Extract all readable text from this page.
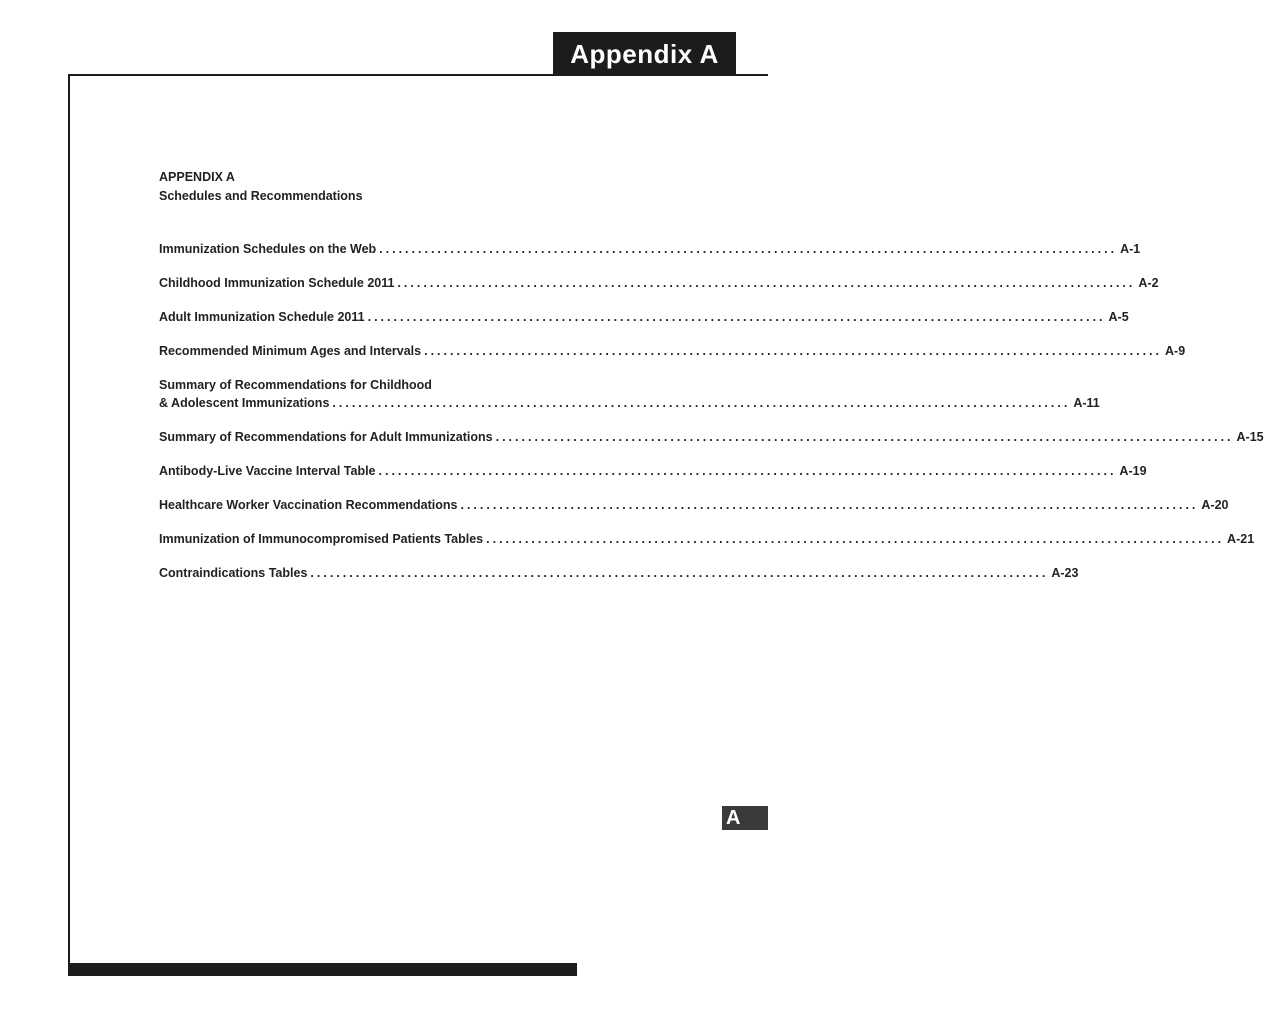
Appendix A
APPENDIX A
Schedules and Recommendations
Immunization Schedules on the Web .................................................................................................................. A-1
Childhood Immunization Schedule 2011 .................................................................................................................. A-2
Adult Immunization Schedule 2011 .................................................................................................................. A-5
Recommended Minimum Ages and Intervals .................................................................................................................. A-9
Summary of Recommendations for Childhood
& Adolescent Immunizations .................................................................................................................. A-11
Summary of Recommendations for Adult Immunizations .................................................................................................................. A-15
Antibody-Live Vaccine Interval Table .................................................................................................................. A-19
Healthcare Worker Vaccination Recommendations .................................................................................................................. A-20
Immunization of Immunocompromised Patients Tables .................................................................................................................. A-21
Contraindications Tables .................................................................................................................. A-23
A
